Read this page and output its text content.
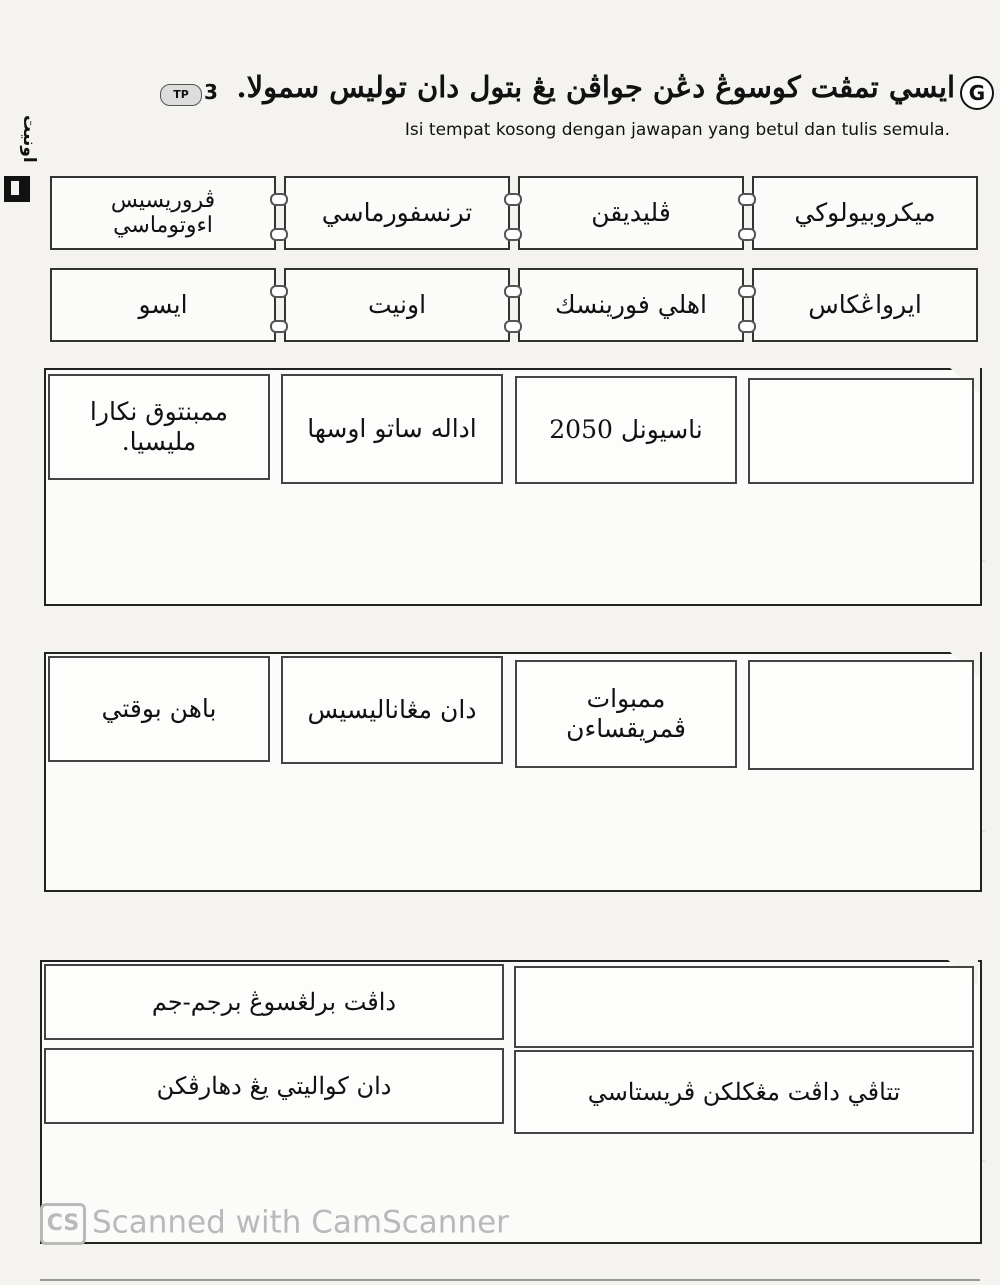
اونيت
G
ايسي تمڤت كوسوڠ دڠن جواڤن يڠ بتول دان توليس سمولا.
TP 3
Isi tempat kosong dengan jawapan yang betul dan tulis semula.
ميكروبيولوكي
ڤليديقن
ترنسفورماسي
ڤروريسيس اءوتوماسي
ايرواڠكاس
اهلي فورينسك
اونيت
ايسو
ناسيونل 2050
اداله ساتو اوسها
ممبنتوق نكارا مليسيا.
ممبوات ڤمريقساءن
دان مڠاناليسيس
باهن بوقتي
داڤت برلڠسوڠ برجم-جم
تتاڤي داڤت مڠكلكن ڤريستاسي
دان كواليتي يڠ دهارڤكن
CS Scanned with CamScanner
